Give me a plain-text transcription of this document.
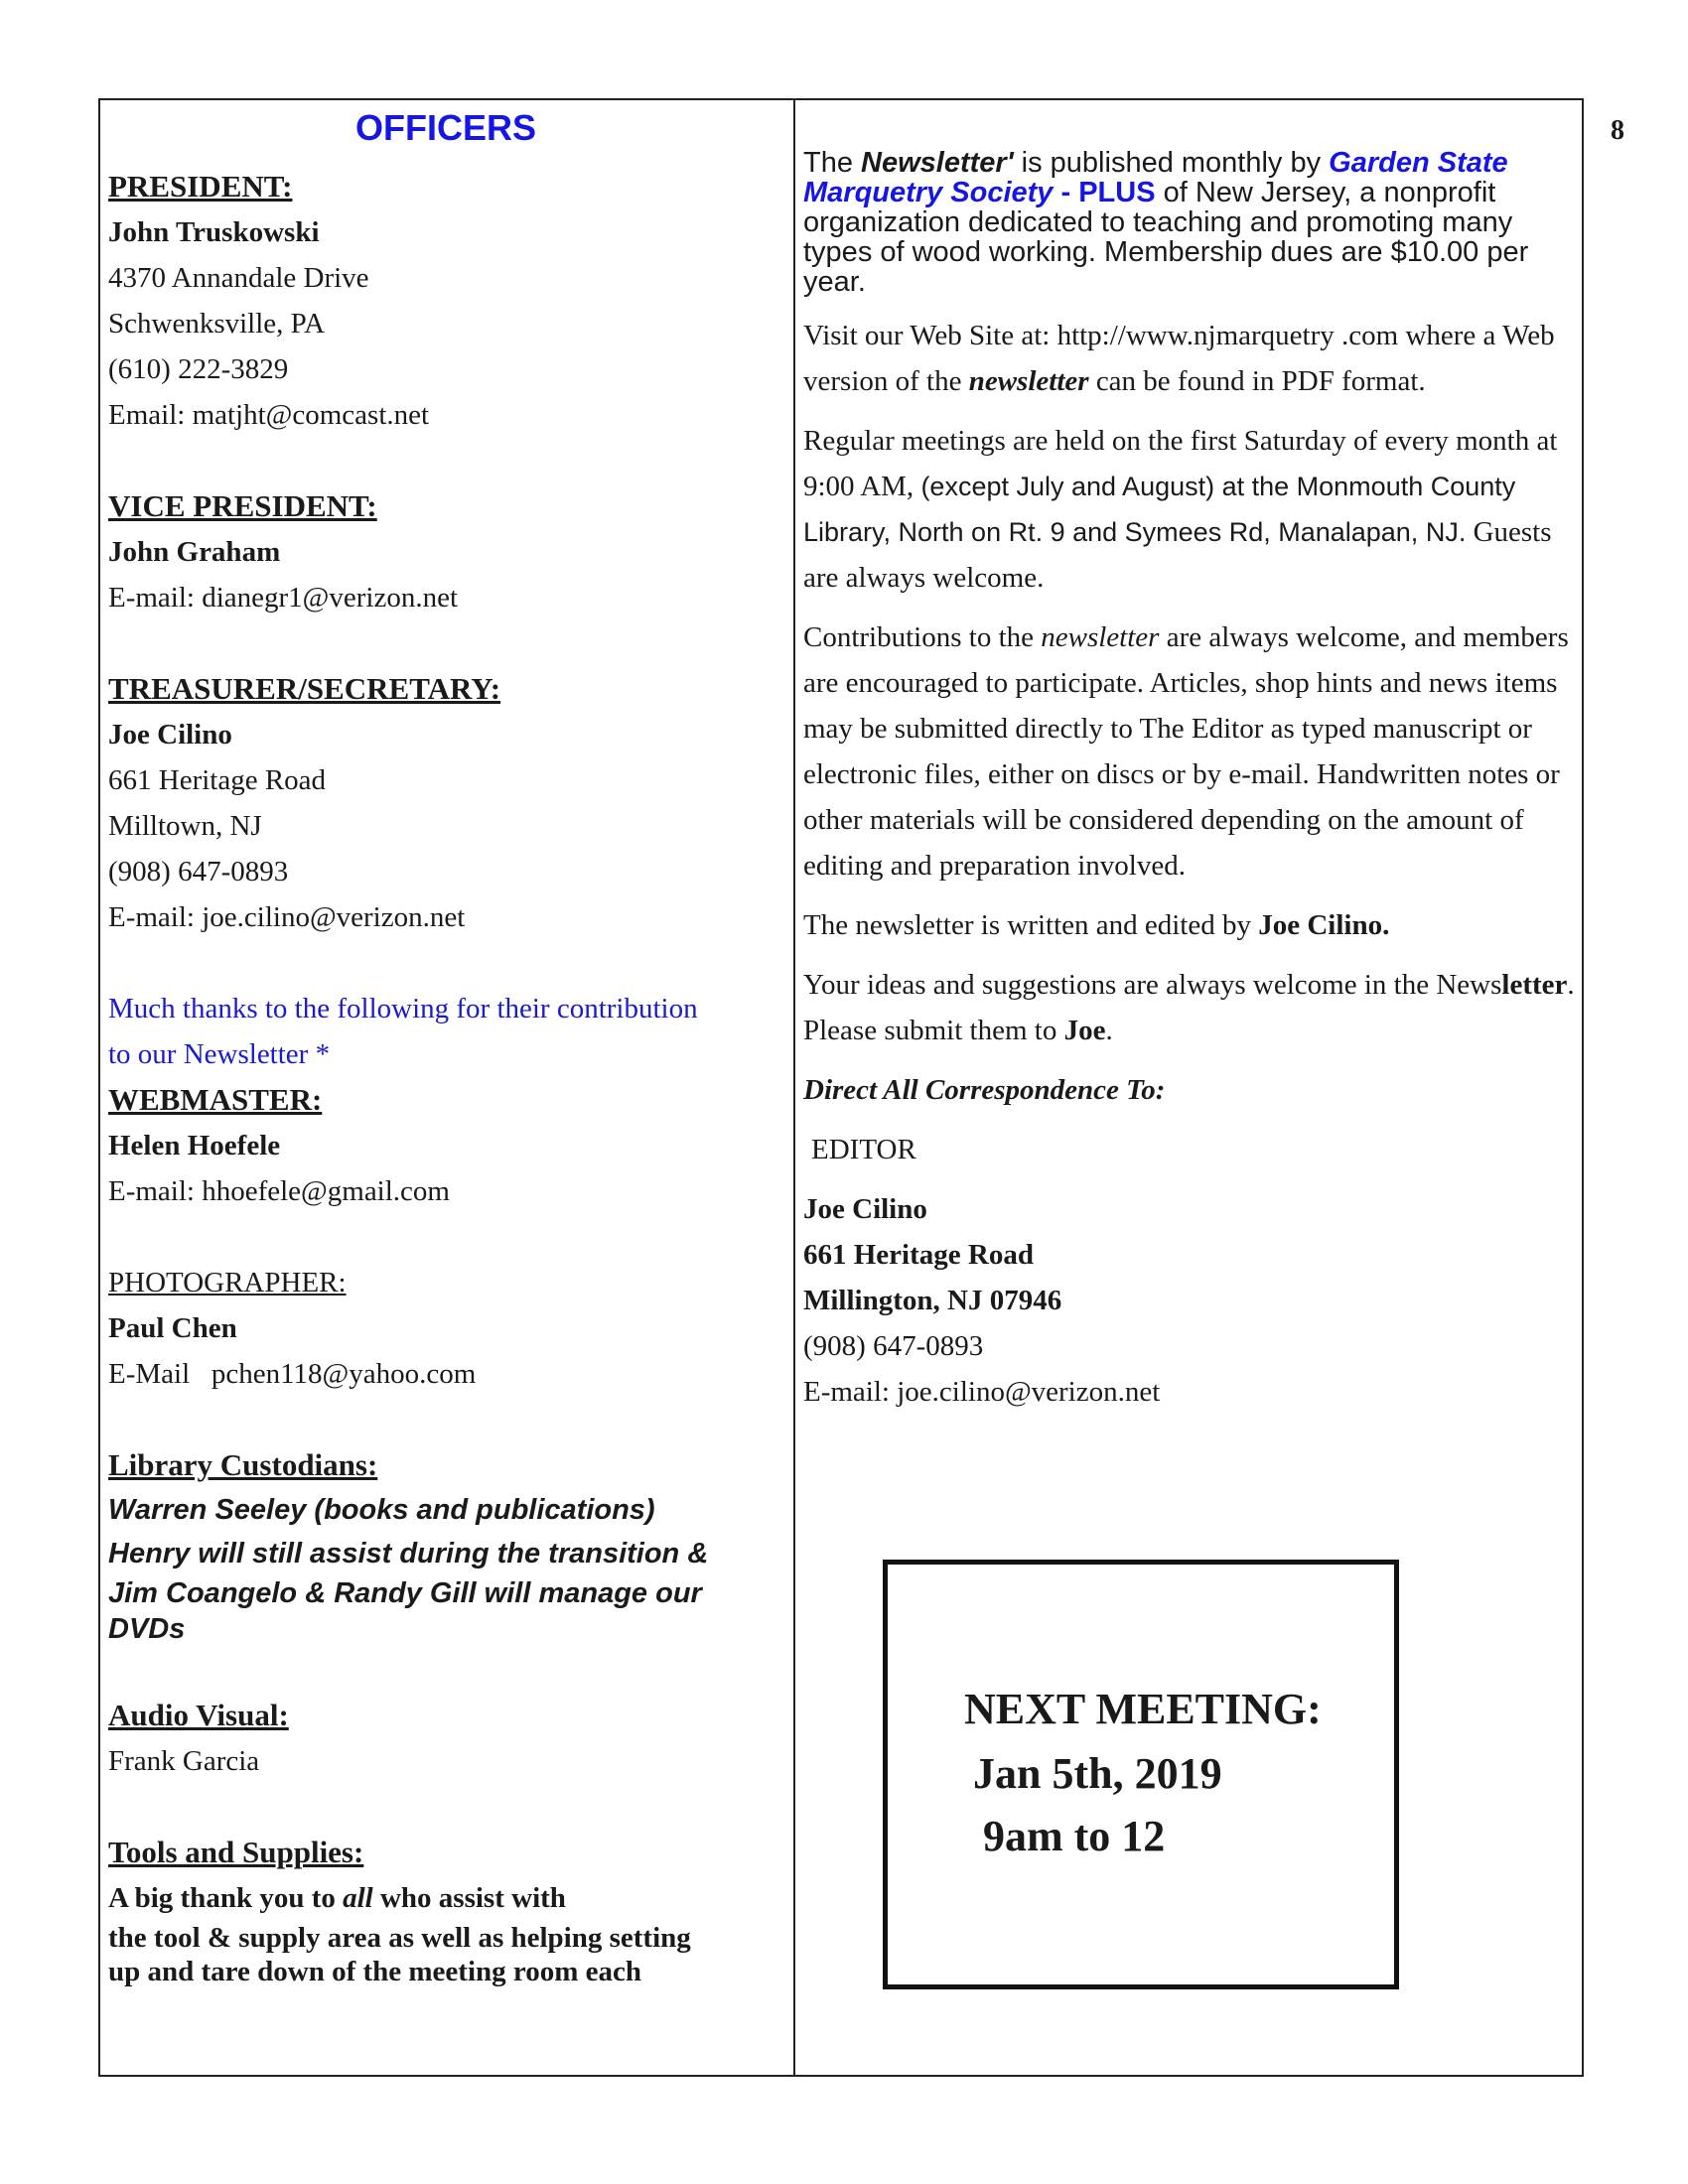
8

OFFICERS

PRESIDENT:

John Truskowski

4370 Annandale Drive

Schwenksville, PA

(610) 222-3829

Email: matjht@comcast.net

VICE PRESIDENT:

John Graham

E-mail: dianegr1@verizon.net

TREASURER/SECRETARY:

Joe Cilino

661 Heritage Road

Milltown, NJ

(908) 647-0893

E-mail: joe.cilino@verizon.net

Much thanks to the following for their contribution

to our Newsletter *

WEBMASTER:

Helen Hoefele

E-mail: hhoefele@gmail.com

PHOTOGRAPHER:

Paul Chen

E-Mail   pchen118@yahoo.com

Library Custodians:

Warren Seeley (books and publications)

Henry will still assist during the transition &

Jim Coangelo & Randy Gill will manage our

DVDs

Audio Visual:

Frank Garcia

Tools and Supplies:

A big thank you to all who assist with

the tool & supply area as well as helping setting

up and tare down of the meeting room each

The Newsletter' is published monthly by Garden State Marquetry Society - PLUS of New Jersey, a nonprofit organization dedicated to teaching and promoting many types of wood working. Membership dues are $10.00 per year.

Visit our Web Site at: http://www.njmarquetry .com where a Web version of the newsletter can be found in PDF format.

Regular meetings are held on the first Saturday of every month at 9:00 AM, (except July and August) at the Monmouth County Library, North on Rt. 9 and Symees Rd, Manalapan, NJ. Guests are always welcome.

Contributions to the newsletter are always welcome, and members are encouraged to participate. Articles, shop hints and news items may be submitted directly to The Editor as typed manuscript or electronic files, either on discs or by e-mail. Handwritten notes or other materials will be considered depending on the amount of editing and preparation involved.

The newsletter is written and edited by Joe Cilino.

Your ideas and suggestions are always welcome in the Newsletter. Please submit them to Joe.

Direct All Correspondence To:

EDITOR

Joe Cilino

661 Heritage Road

Millington, NJ 07946

(908) 647-0893

E-mail: joe.cilino@verizon.net

NEXT MEETING:

Jan 5th, 2019

9am to 12
